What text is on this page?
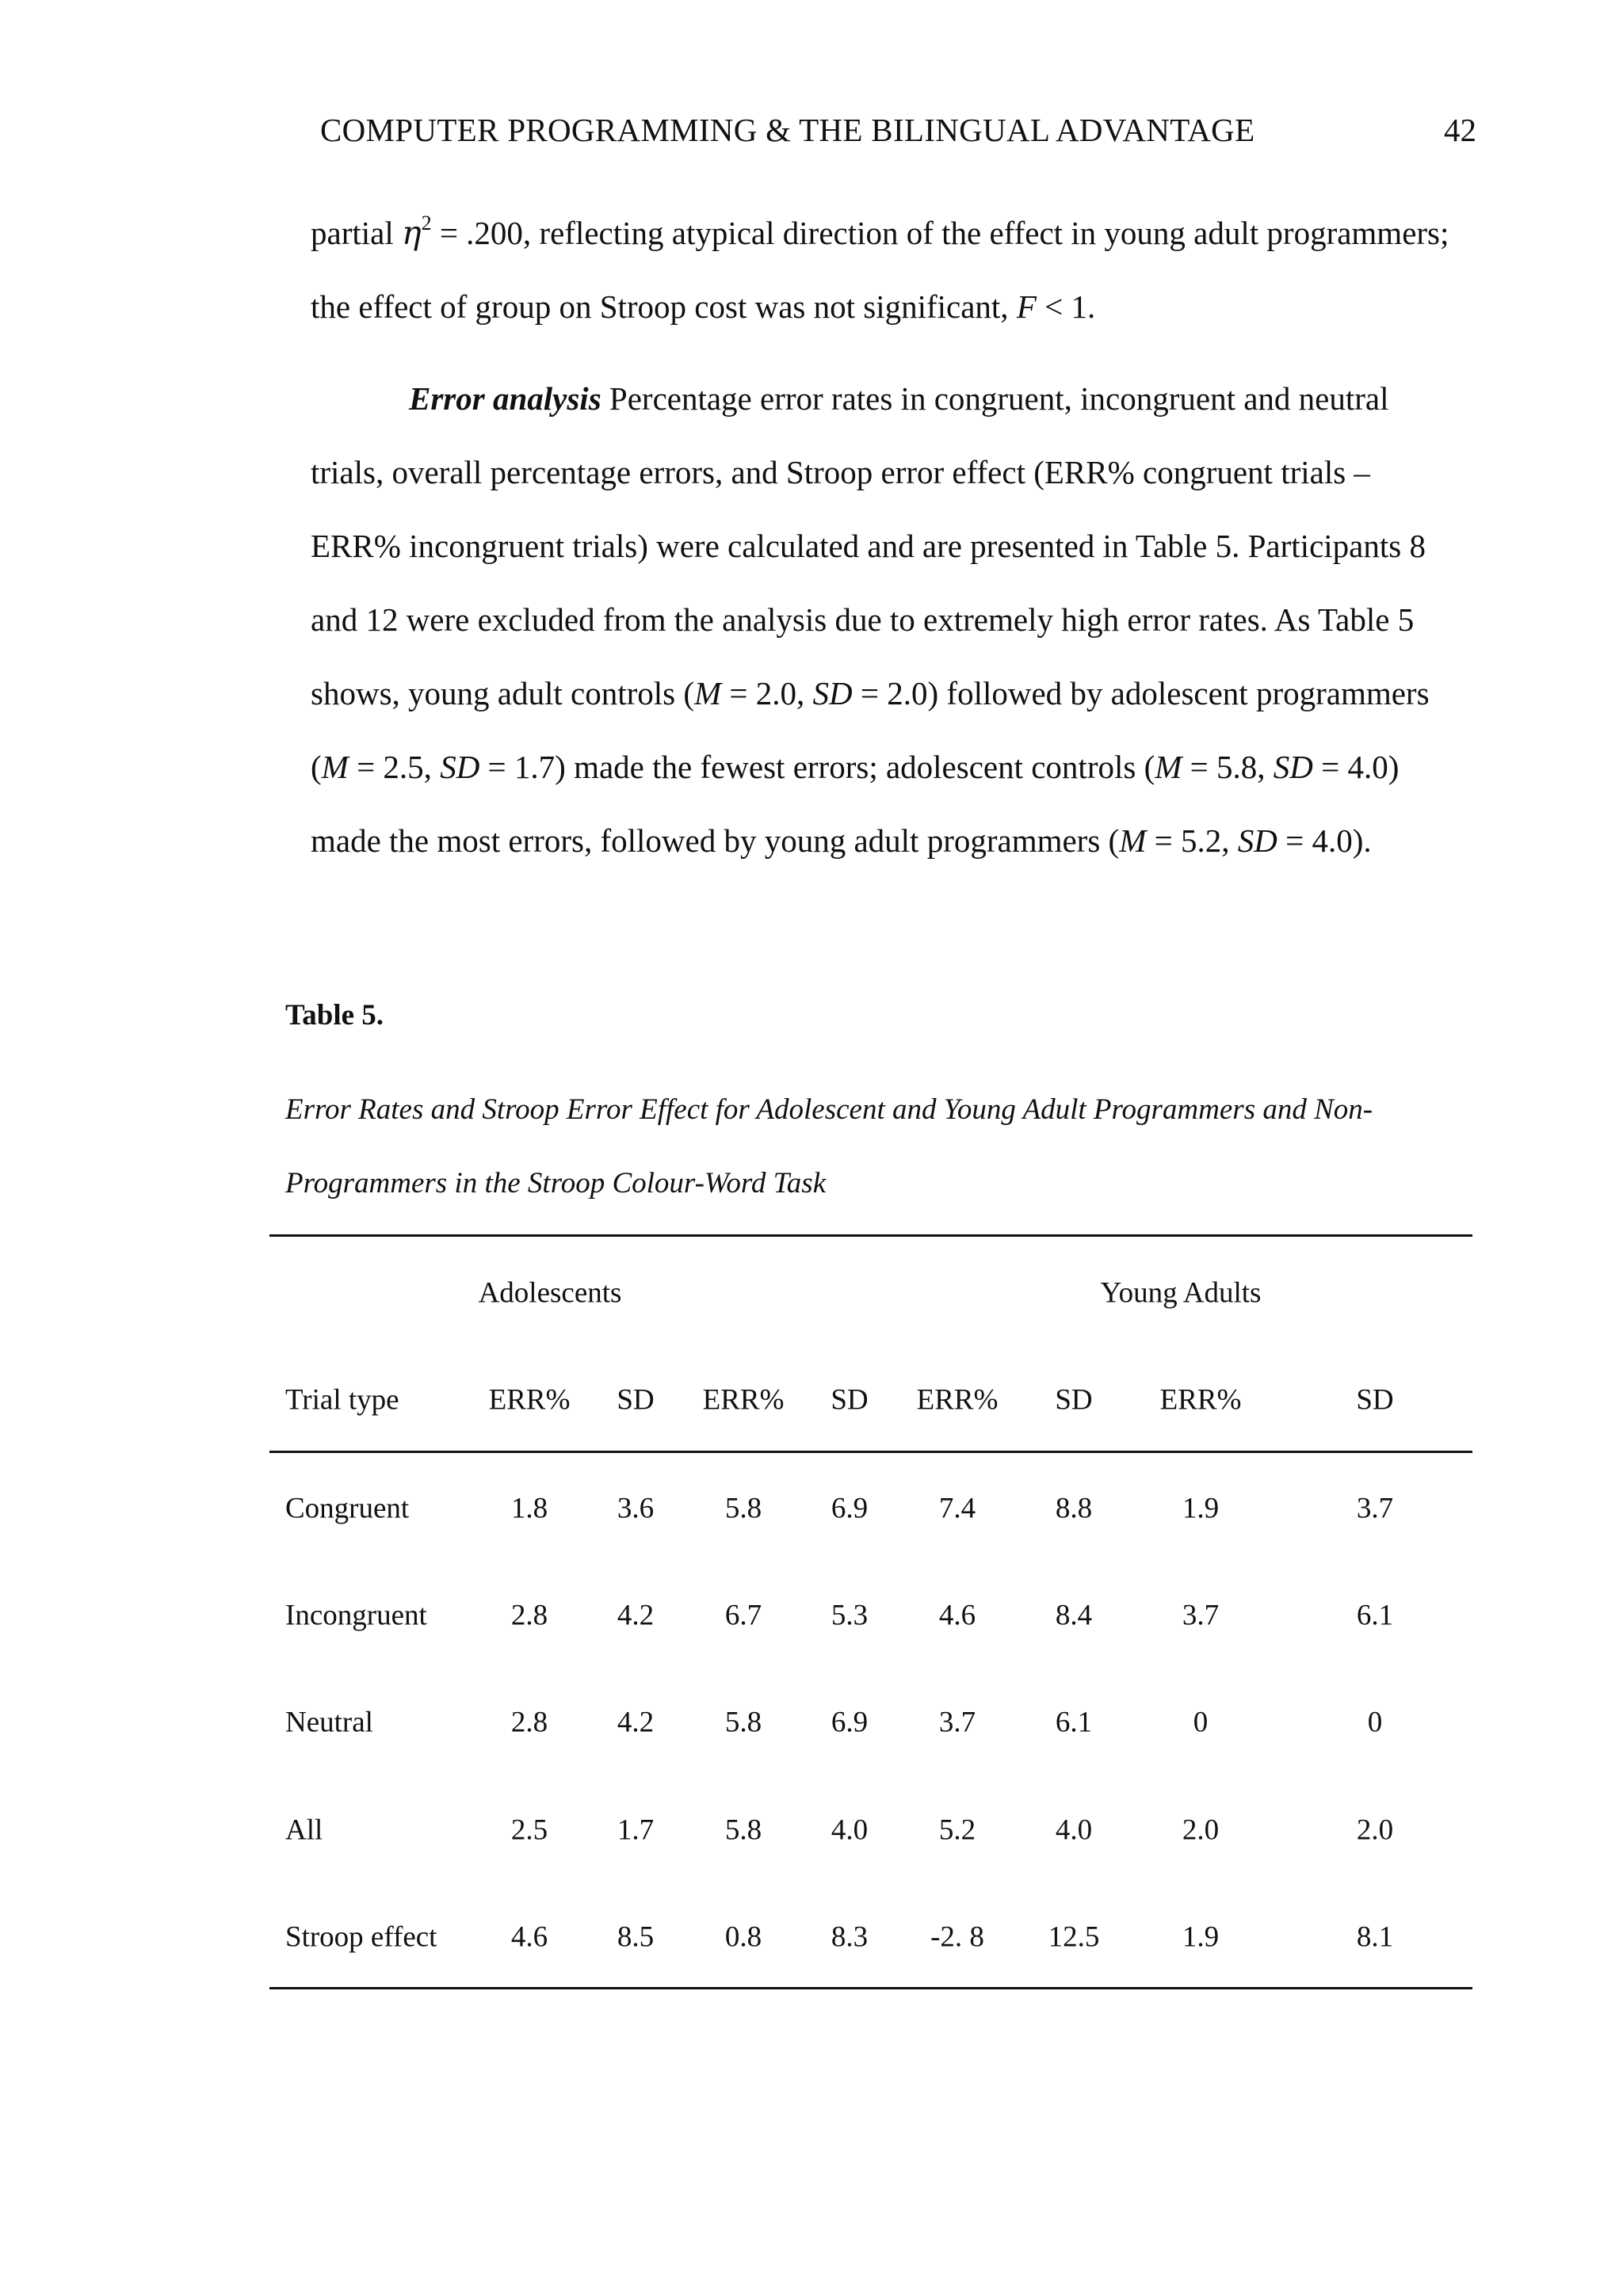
COMPUTER PROGRAMMING & THE BILINGUAL ADVANTAGE	42
partial $\eta^2 = .200$, reflecting atypical direction of the effect in young adult programmers;
the effect of group on Stroop cost was not significant, F < 1.
Error analysis Percentage error rates in congruent, incongruent and neutral
trials, overall percentage errors, and Stroop error effect (ERR% congruent trials –
ERR% incongruent trials) were calculated and are presented in Table 5. Participants 8
and 12 were excluded from the analysis due to extremely high error rates. As Table 5
shows, young adult controls (M = 2.0, SD = 2.0) followed by adolescent programmers
(M = 2.5, SD = 1.7) made the fewest errors; adolescent controls (M = 5.8, SD = 4.0)
made the most errors, followed by young adult programmers (M = 5.2, SD = 4.0).
Table 5.
Error Rates and Stroop Error Effect for Adolescent and Young Adult Programmers and Non-
Programmers in the Stroop Colour-Word Task
Adolescents	Young Adults
Trial type	ERR% SD ERR% SD ERR% SD ERR%	SD
Congruent	1.8 3.6 5.8 6.9 7.4	8.8	1.9	3.7
Incongruent	2.8 4.2 6.7 5.3 4.6	8.4	3.7	6.1
Neutral	2.8 4.2 5.8 6.9 3.7	6.1	0	0
All	2.5 1.7 5.8 4.0 5.2	4.0	2.0	2.0
Stroop effect	4.6 8.5 0.8 8.3 -2. 8 12.5	1.9	8.1
